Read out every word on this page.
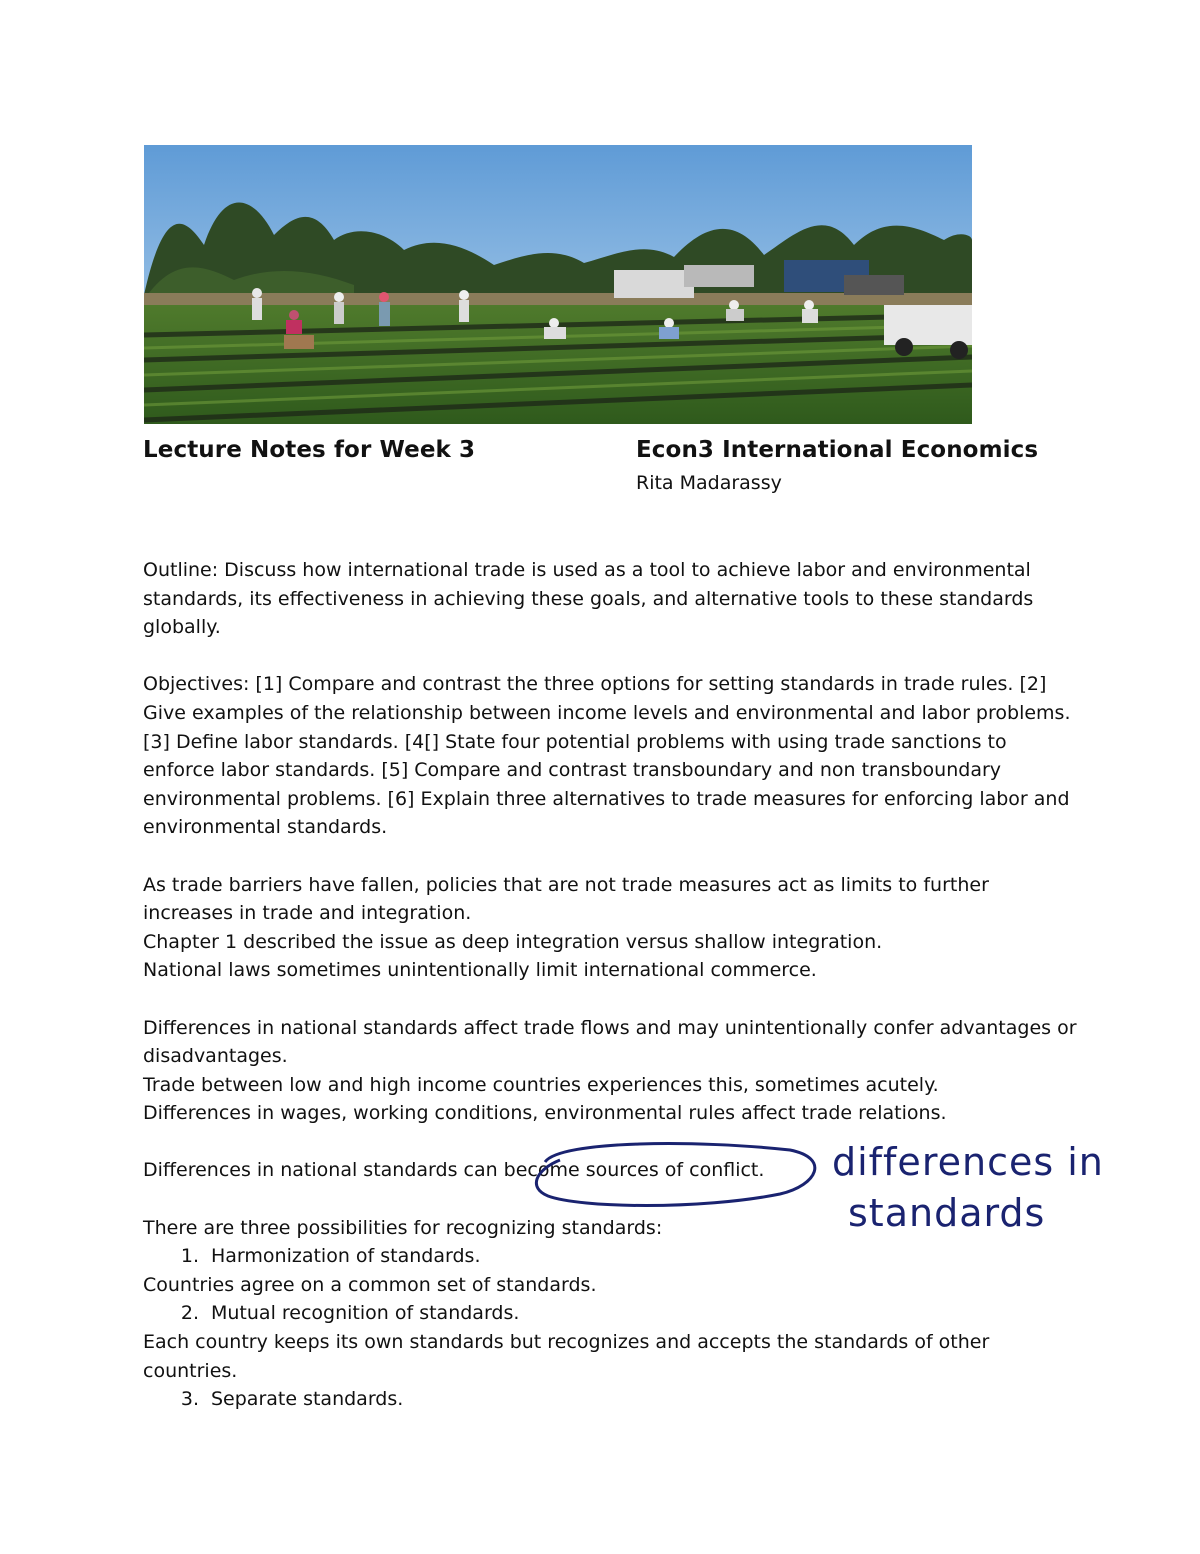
Lecture Notes for Week 3	Econ3 International Economics
Rita Madarassy

Outline: Discuss how international trade is used as a tool to achieve labor and environmental standards, its effectiveness in achieving these goals, and alternative tools to these standards globally.

Objectives: [1] Compare and contrast the three options for setting standards in trade rules. [2] Give examples of the relationship between income levels and environmental and labor problems. [3] Define labor standards. [4[] State four potential problems with using trade sanctions to enforce labor standards. [5] Compare and contrast transboundary and non transboundary environmental problems. [6] Explain three alternatives to trade measures for enforcing labor and environmental standards.

As trade barriers have fallen, policies that are not trade measures act as limits to further increases in trade and integration.

Chapter 1 described the issue as deep integration versus shallow integration.

National laws sometimes unintentionally limit international commerce.

Differences in national standards affect trade flows and may unintentionally confer advantages or disadvantages.

Trade between low and high income countries experiences this, sometimes acutely.

Differences in wages, working conditions, environmental rules affect trade relations.

Differences in national standards can become sources of conflict.

There are three possibilities for recognizing standards:

1. Harmonization of standards.

Countries agree on a common set of standards.

2. Mutual recognition of standards.

Each country keeps its own standards but recognizes and accepts the standards of other countries.

3. Separate standards.
differences in
standards
